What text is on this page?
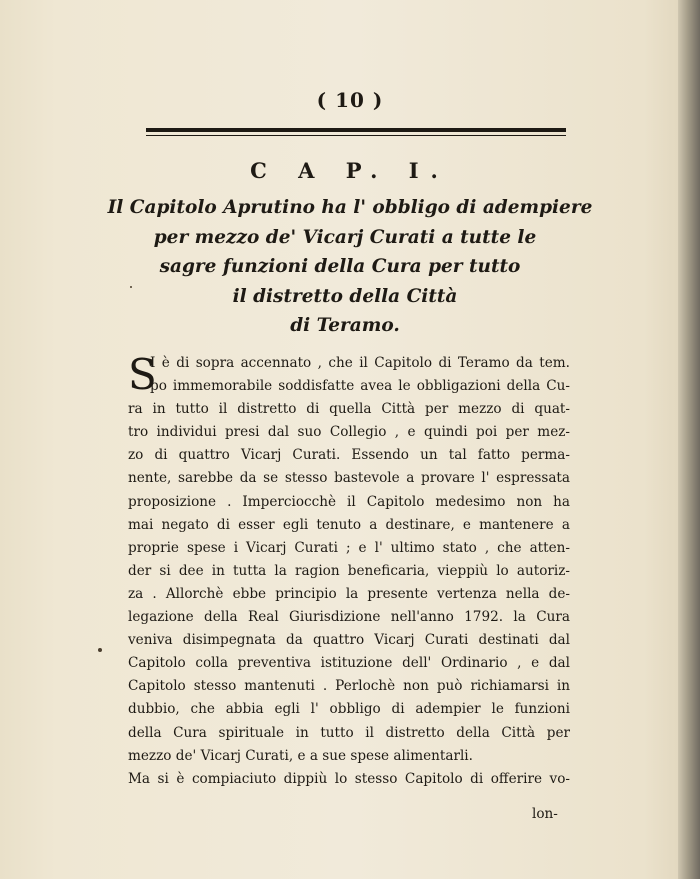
( 10 )
C A P. I.
Il Capitolo Aprutino ha l' obbligo di adempiere
per mezzo de' Vicarj Curati a tutte le
sagre funzioni della Cura per tutto
il distretto della Città
di Teramo.
S
I è di sopra accennato , che il Capitolo di Teramo da tem.
po immemorabile soddisfatte avea le obbligazioni della Cu-
ra in tutto il distretto di quella Città per mezzo di quat-
tro individui presi dal suo Collegio , e quindi poi per mez-
zo di quattro Vicarj Curati. Essendo un tal fatto perma-
nente, sarebbe da se stesso bastevole a provare l' espressata
proposizione . Imperciocchè il Capitolo medesimo non ha
mai negato di esser egli tenuto a destinare, e mantenere a
proprie spese i Vicarj Curati ; e l' ultimo stato , che atten-
der si dee in tutta la ragion beneficaria, vieppiù lo autoriz-
za . Allorchè ebbe principio la presente vertenza nella de-
legazione della Real Giurisdizione nell'anno 1792. la Cura
veniva disimpegnata da quattro Vicarj Curati destinati dal
Capitolo colla preventiva istituzione dell' Ordinario , e dal
Capitolo stesso mantenuti . Perlochè non può richiamarsi in
dubbio, che abbia egli l' obbligo di adempier le funzioni
della Cura spirituale in tutto il distretto della Città per
mezzo de' Vicarj Curati, e a sue spese alimentarli.
Ma si è compiaciuto dippiù lo stesso Capitolo di offerire vo-
lon-
